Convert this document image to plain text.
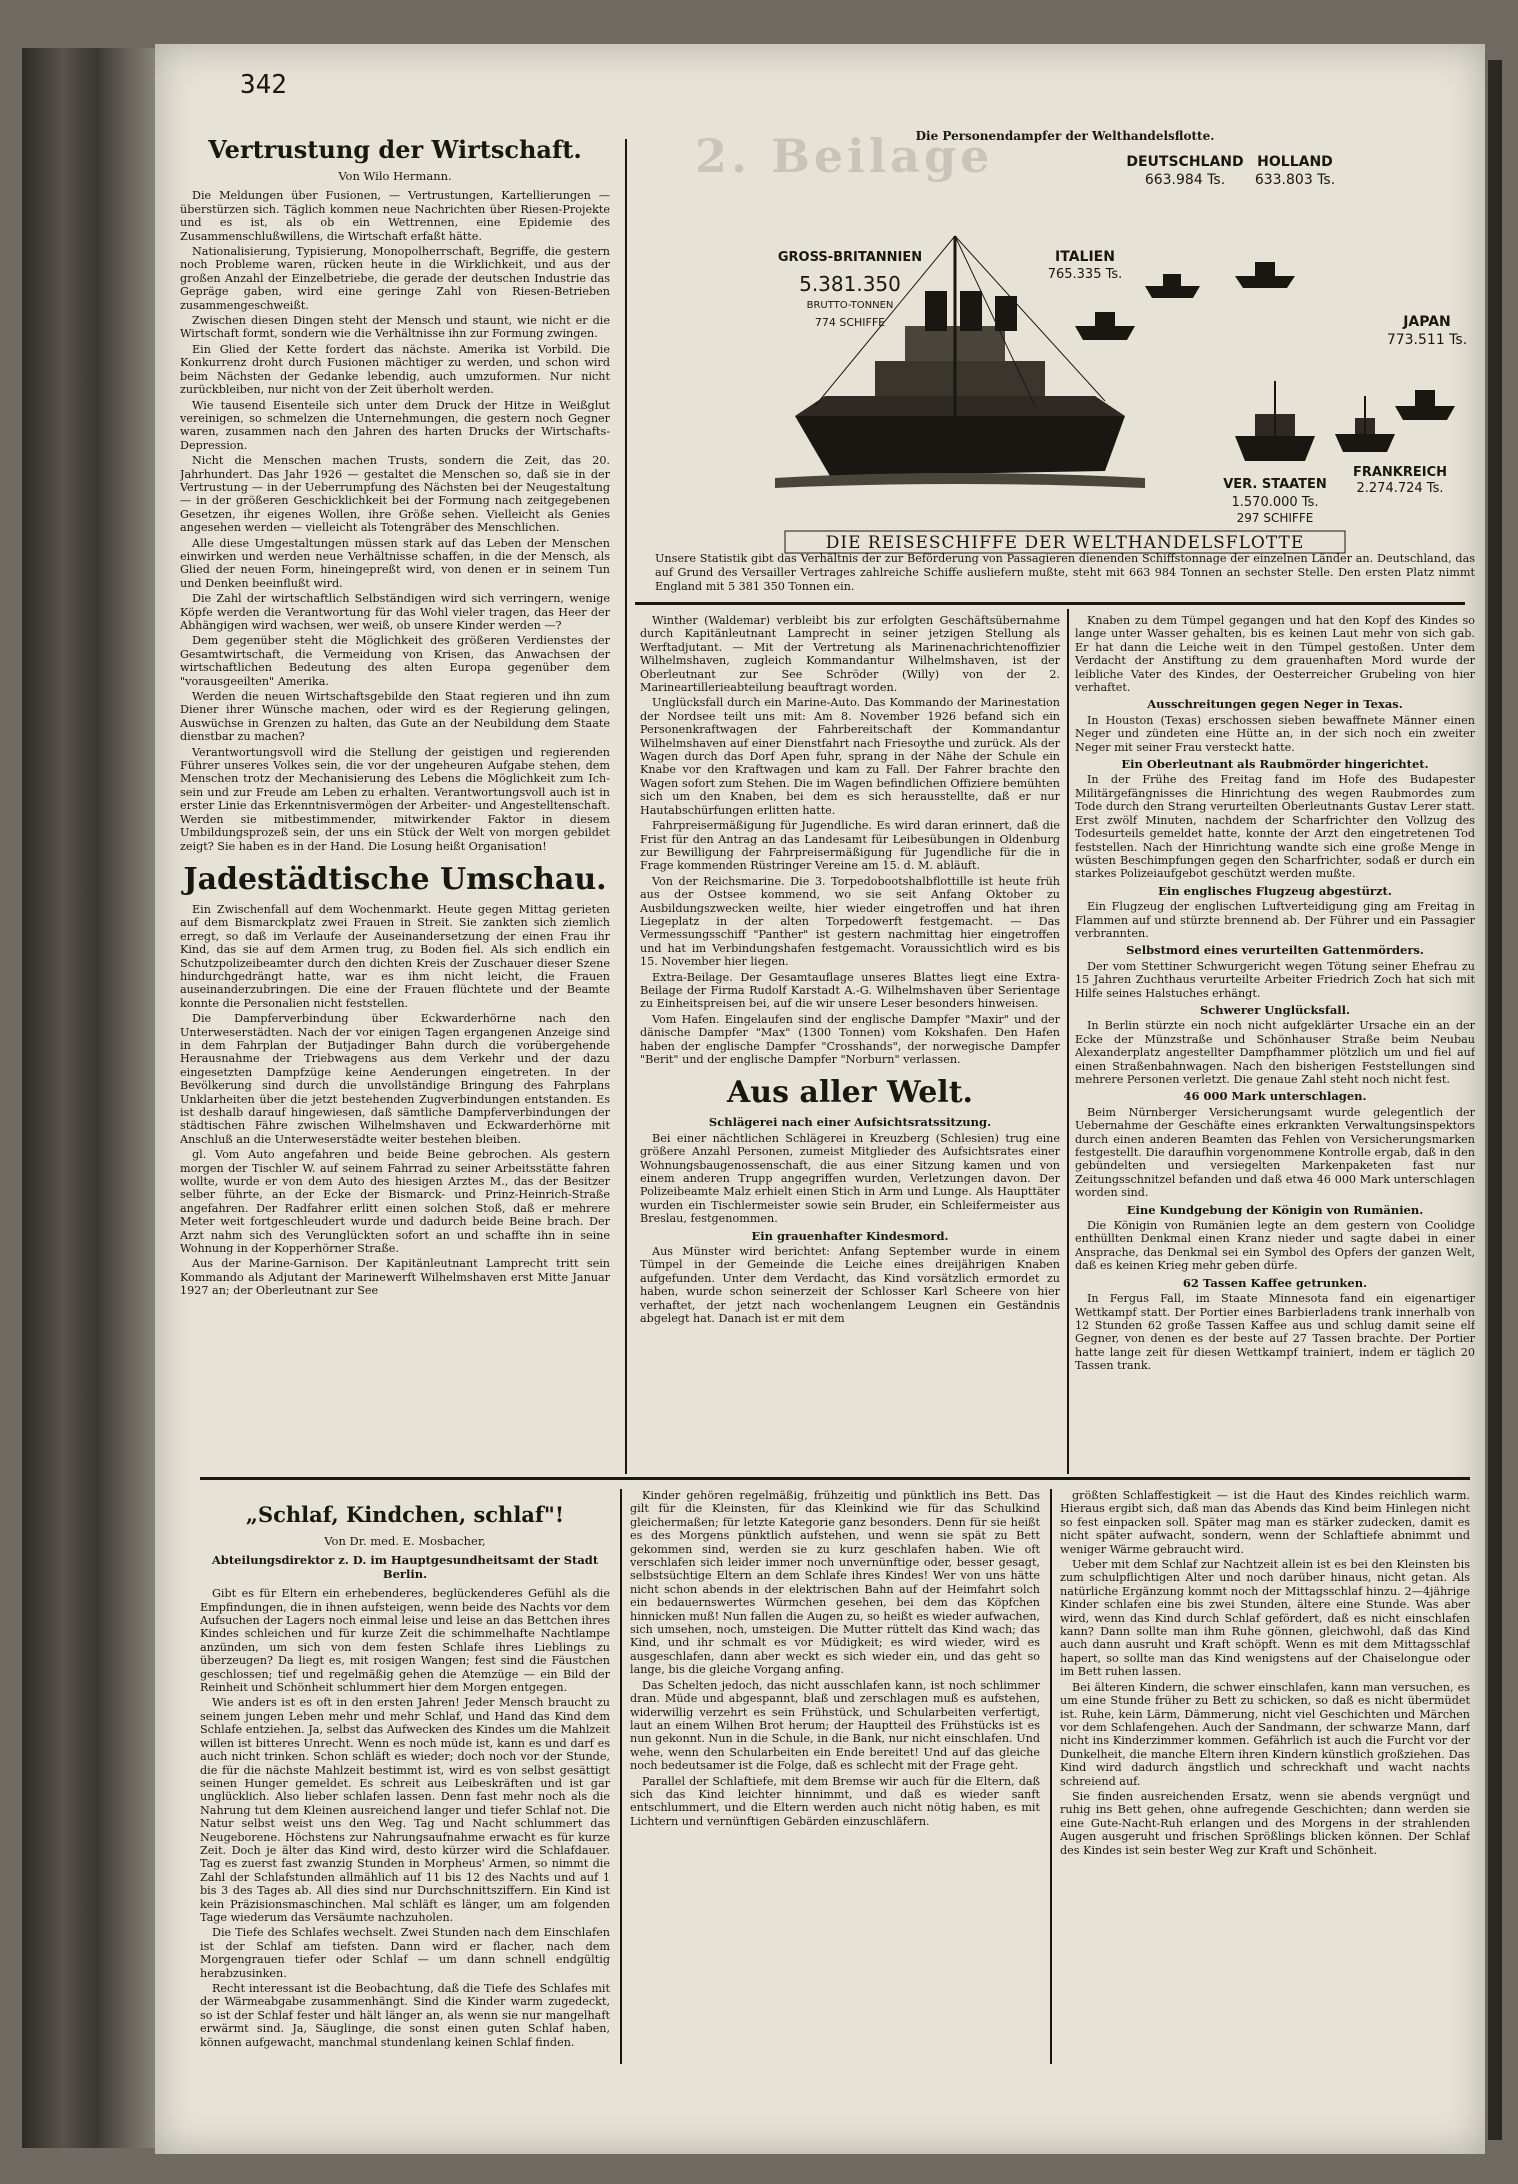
342
Vertrustung der Wirtschaft.
Von Wilo Hermann.

Die Meldungen über Fusionen, — Vertrustungen, Kartellierungen — überstürzen sich. Täglich kommen neue Nachrichten über Riesen-Projekte und es ist, als ob ein Wettrennen, eine Epidemie des Zusammenschlußwillens, die Wirtschaft erfaßt hätte.

Nationalisierung, Typisierung, Monopolherrschaft, Begriffe, die gestern noch Probleme waren, rücken heute in die Wirklichkeit, und aus der großen Anzahl der Einzelbetriebe, die gerade der deutschen Industrie das Gepräge gaben, wird eine geringe Zahl von Riesen-Betrieben zusammengeschweißt.

Zwischen diesen Dingen steht der Mensch und staunt, wie nicht er die Wirtschaft formt, sondern wie die Verhältnisse ihn zur Formung zwingen.

Ein Glied der Kette fordert das nächste. Amerika ist Vorbild. Die Konkurrenz droht durch Fusionen mächtiger zu werden, und schon wird beim Nächsten der Gedanke lebendig, auch umzuformen. Nur nicht zurückbleiben, nur nicht von der Zeit überholt werden.

Wie tausend Eisenteile sich unter dem Druck der Hitze in Weißglut vereinigen, so schmelzen die Unternehmungen, die gestern noch Gegner waren, zusammen nach den Jahren des harten Drucks der Wirtschafts-Depression.

Nicht die Menschen machen Trusts, sondern die Zeit, das 20. Jahrhundert. Das Jahr 1926 — gestaltet die Menschen so, daß sie in der Vertrustung — in der Ueberrumpfung des Nächsten bei der Neugestaltung — in der größeren Geschicklichkeit bei der Formung nach zeitgegebenen Gesetzen, ihr eigenes Wollen, ihre Größe sehen. Vielleicht als Genies angesehen werden — vielleicht als Totengräber des Menschlichen.

Alle diese Umgestaltungen müssen stark auf das Leben der Menschen einwirken und werden neue Verhältnisse schaffen, in die der Mensch, als Glied der neuen Form, hineingepreßt wird, von denen er in seinem Tun und Denken beeinflußt wird.

Die Zahl der wirtschaftlich Selbständigen wird sich verringern, wenige Köpfe werden die Verantwortung für das Wohl vieler tragen, das Heer der Abhängigen wird wachsen, wer weiß, ob unsere Kinder werden —?

Dem gegenüber steht die Möglichkeit des größeren Verdienstes der Gesamtwirtschaft, die Vermeidung von Krisen, das Anwachsen der wirtschaftlichen Bedeutung des alten Europa gegenüber dem "vorausgeeilten" Amerika.

Werden die neuen Wirtschaftsgebilde den Staat regieren und ihn zum Diener ihrer Wünsche machen, oder wird es der Regierung gelingen, Auswüchse in Grenzen zu halten, das Gute an der Neubildung dem Staate dienstbar zu machen?

Verantwortungsvoll wird die Stellung der geistigen und regierenden Führer unseres Volkes sein, die vor der ungeheuren Aufgabe stehen, dem Menschen trotz der Mechanisierung des Lebens die Möglichkeit zum Ich-sein und zur Freude am Leben zu erhalten. Verantwortungsvoll auch ist in erster Linie das Erkenntnisvermögen der Arbeiter- und Angestelltenschaft. Werden sie mitbestimmender, mitwirkender Faktor in diesem Umbildungsprozeß sein, der uns ein Stück der Welt von morgen gebildet zeigt? Sie haben es in der Hand. Die Losung heißt Organisation!

Jadestädtische Umschau.

Ein Zwischenfall auf dem Wochenmarkt. Heute gegen Mittag gerieten auf dem Bismarckplatz zwei Frauen in Streit. Sie zankten sich ziemlich erregt, so daß im Verlaufe der Auseinandersetzung der einen Frau ihr Kind, das sie auf dem Armen trug, zu Boden fiel. Als sich endlich ein Schutzpolizeibeamter durch den dichten Kreis der Zuschauer dieser Szene hindurchgedrängt hatte, war es ihm nicht leicht, die Frauen auseinanderzubringen. Die eine der Frauen flüchtete und der Beamte konnte die Personalien nicht feststellen.

Die Dampferverbindung über Eckwarderhörne nach den Unterweserstädten. Nach der vor einigen Tagen ergangenen Anzeige sind in dem Fahrplan der Butjadinger Bahn durch die vorübergehende Herausnahme der Triebwagens aus dem Verkehr und der dazu eingesetzten Dampfzüge keine Aenderungen eingetreten. In der Bevölkerung sind durch die unvollständige Bringung des Fahrplans Unklarheiten über die jetzt bestehenden Zugverbindungen entstanden. Es ist deshalb darauf hingewiesen, daß sämtliche Dampferverbindungen der städtischen Fähre zwischen Wilhelmshaven und Eckwarderhörne mit Anschluß an die Unterweserstädte weiter bestehen bleiben.

gl. Vom Auto angefahren und beide Beine gebrochen. Als gestern morgen der Tischler W. auf seinem Fahrrad zu seiner Arbeitsstätte fahren wollte, wurde er von dem Auto des hiesigen Arztes M., das der Besitzer selber führte, an der Ecke der Bismarck- und Prinz-Heinrich-Straße angefahren. Der Radfahrer erlitt einen solchen Stoß, daß er mehrere Meter weit fortgeschleudert wurde und dadurch beide Beine brach. Der Arzt nahm sich des Verunglückten sofort an und schaffte ihn in seine Wohnung in der Kopperhörner Straße.

Aus der Marine-Garnison. Der Kapitänleutnant Lamprecht tritt sein Kommando als Adjutant der Marinewerft Wilhelmshaven erst Mitte Januar 1927 an; der Oberleutnant zur See

2. Beilage
Die Personendampfer der Welthandelsflotte.
GROSS-BRITANNIEN
5.381.350
BRUTTO-TONNEN
774 SCHIFFE
DEUTSCHLAND
663.984 Ts.
HOLLAND
633.803 Ts.
ITALIEN
765.335 Ts.
JAPAN
773.511 Ts.
VER. STAATEN
1.570.000 Ts.
297 SCHIFFE
FRANKREICH
2.274.724 Ts.
DIE REISESCHIFFE DER WELTHANDELSFLOTTE
Unsere Statistik gibt das Verhältnis der zur Beförderung von Passagieren dienenden Schiffstonnage der einzelnen Länder an. Deutschland, das auf Grund des Versailler Vertrages zahlreiche Schiffe ausliefern mußte, steht mit 663 984 Tonnen an sechster Stelle. Den ersten Platz nimmt England mit 5 381 350 Tonnen ein.

Winther (Waldemar) verbleibt bis zur erfolgten Geschäftsübernahme durch Kapitänleutnant Lamprecht in seiner jetzigen Stellung als Werftadjutant. — Mit der Vertretung als Marinenachrichtenoffizier Wilhelmshaven, zugleich Kommandantur Wilhelmshaven, ist der Oberleutnant zur See Schröder (Willy) von der 2. Marineartillerieabteilung beauftragt worden.

Unglücksfall durch ein Marine-Auto. Das Kommando der Marinestation der Nordsee teilt uns mit: Am 8. November 1926 befand sich ein Personenkraftwagen der Fahrbereitschaft der Kommandantur Wilhelmshaven auf einer Dienstfahrt nach Friesoythe und zurück. Als der Wagen durch das Dorf Apen fuhr, sprang in der Nähe der Schule ein Knabe vor den Kraftwagen und kam zu Fall. Der Fahrer brachte den Wagen sofort zum Stehen. Die im Wagen befindlichen Offiziere bemühten sich um den Knaben, bei dem es sich herausstellte, daß er nur Hautabschürfungen erlitten hatte.

Fahrpreisermäßigung für Jugendliche. Es wird daran erinnert, daß die Frist für den Antrag an das Landesamt für Leibesübungen in Oldenburg zur Bewilligung der Fahrpreisermäßigung für Jugendliche für die in Frage kommenden Rüstringer Vereine am 15. d. M. abläuft.

Von der Reichsmarine. Die 3. Torpedobootshalbflottille ist heute früh aus der Ostsee kommend, wo sie seit Anfang Oktober zu Ausbildungszwecken weilte, hier wieder eingetroffen und hat ihren Liegeplatz in der alten Torpedowerft festgemacht. — Das Vermessungsschiff "Panther" ist gestern nachmittag hier eingetroffen und hat im Verbindungshafen festgemacht. Voraussichtlich wird es bis 15. November hier liegen.

Extra-Beilage. Der Gesamtauflage unseres Blattes liegt eine Extra-Beilage der Firma Rudolf Karstadt A.-G. Wilhelmshaven über Serientage zu Einheitspreisen bei, auf die wir unsere Leser besonders hinweisen.

Vom Hafen. Eingelaufen sind der englische Dampfer "Maxir" und der dänische Dampfer "Max" (1300 Tonnen) vom Kokshafen. Den Hafen haben der englische Dampfer "Crosshands", der norwegische Dampfer "Berit" und der englische Dampfer "Norburn" verlassen.

Aus aller Welt.
Schlägerei nach einer Aufsichtsratssitzung.

Bei einer nächtlichen Schlägerei in Kreuzberg (Schlesien) trug eine größere Anzahl Personen, zumeist Mitglieder des Aufsichtsrates einer Wohnungsbaugenossenschaft, die aus einer Sitzung kamen und von einem anderen Trupp angegriffen wurden, Verletzungen davon. Der Polizeibeamte Malz erhielt einen Stich in Arm und Lunge. Als Haupttäter wurden ein Tischlermeister sowie sein Bruder, ein Schleifermeister aus Breslau, festgenommen.

Ein grauenhafter Kindesmord.

Aus Münster wird berichtet: Anfang September wurde in einem Tümpel in der Gemeinde die Leiche eines dreijährigen Knaben aufgefunden. Unter dem Verdacht, das Kind vorsätzlich ermordet zu haben, wurde schon seinerzeit der Schlosser Karl Scheere von hier verhaftet, der jetzt nach wochenlangem Leugnen ein Geständnis abgelegt hat. Danach ist er mit dem

Knaben zu dem Tümpel gegangen und hat den Kopf des Kindes so lange unter Wasser gehalten, bis es keinen Laut mehr von sich gab. Er hat dann die Leiche weit in den Tümpel gestoßen. Unter dem Verdacht der Anstiftung zu dem grauenhaften Mord wurde der leibliche Vater des Kindes, der Oesterreicher Grubeling von hier verhaftet.

Ausschreitungen gegen Neger in Texas.

In Houston (Texas) erschossen sieben bewaffnete Männer einen Neger und zündeten eine Hütte an, in der sich noch ein zweiter Neger mit seiner Frau versteckt hatte.

Ein Oberleutnant als Raubmörder hingerichtet.

In der Frühe des Freitag fand im Hofe des Budapester Militärgefängnisses die Hinrichtung des wegen Raubmordes zum Tode durch den Strang verurteilten Oberleutnants Gustav Lerer statt. Erst zwölf Minuten, nachdem der Scharfrichter den Vollzug des Todesurteils gemeldet hatte, konnte der Arzt den eingetretenen Tod feststellen. Nach der Hinrichtung wandte sich eine große Menge in wüsten Beschimpfungen gegen den Scharfrichter, sodaß er durch ein starkes Polizeiaufgebot geschützt werden mußte.

Ein englisches Flugzeug abgestürzt.

Ein Flugzeug der englischen Luftverteidigung ging am Freitag in Flammen auf und stürzte brennend ab. Der Führer und ein Passagier verbrannten.

Selbstmord eines verurteilten Gattenmörders.

Der vom Stettiner Schwurgericht wegen Tötung seiner Ehefrau zu 15 Jahren Zuchthaus verurteilte Arbeiter Friedrich Zoch hat sich mit Hilfe seines Halstuches erhängt.

Schwerer Unglücksfall.

In Berlin stürzte ein noch nicht aufgeklärter Ursache ein an der Ecke der Münzstraße und Schönhauser Straße beim Neubau Alexanderplatz angestellter Dampfhammer plötzlich um und fiel auf einen Straßenbahnwagen. Nach den bisherigen Feststellungen sind mehrere Personen verletzt. Die genaue Zahl steht noch nicht fest.

46 000 Mark unterschlagen.

Beim Nürnberger Versicherungsamt wurde gelegentlich der Uebernahme der Geschäfte eines erkrankten Verwaltungsinspektors durch einen anderen Beamten das Fehlen von Versicherungsmarken festgestellt. Die daraufhin vorgenommene Kontrolle ergab, daß in den gebündelten und versiegelten Markenpaketen fast nur Zeitungsschnitzel befanden und daß etwa 46 000 Mark unterschlagen worden sind.

Eine Kundgebung der Königin von Rumänien.

Die Königin von Rumänien legte an dem gestern von Coolidge enthüllten Denkmal einen Kranz nieder und sagte dabei in einer Ansprache, das Denkmal sei ein Symbol des Opfers der ganzen Welt, daß es keinen Krieg mehr geben dürfe.

62 Tassen Kaffee getrunken.

In Fergus Fall, im Staate Minnesota fand ein eigenartiger Wettkampf statt. Der Portier eines Barbierladens trank innerhalb von 12 Stunden 62 große Tassen Kaffee aus und schlug damit seine elf Gegner, von denen es der beste auf 27 Tassen brachte. Der Portier hatte lange zeit für diesen Wettkampf trainiert, indem er täglich 20 Tassen trank.

„Schlaf, Kindchen, schlaf"!
Von Dr. med. E. Mosbacher,
Abteilungsdirektor z. D. im Hauptgesundheitsamt der Stadt Berlin.

Gibt es für Eltern ein erhebenderes, beglückenderes Gefühl als die Empfindungen, die in ihnen aufsteigen, wenn beide des Nachts vor dem Aufsuchen der Lagers noch einmal leise und leise an das Bettchen ihres Kindes schleichen und für kurze Zeit die schimmelhafte Nachtlampe anzünden, um sich von dem festen Schlafe ihres Lieblings zu überzeugen? Da liegt es, mit rosigen Wangen; fest sind die Fäustchen geschlossen; tief und regelmäßig gehen die Atemzüge — ein Bild der Reinheit und Schönheit schlummert hier dem Morgen entgegen.

Wie anders ist es oft in den ersten Jahren! Jeder Mensch braucht zu seinem jungen Leben mehr und mehr Schlaf, und Hand das Kind dem Schlafe entziehen. Ja, selbst das Aufwecken des Kindes um die Mahlzeit willen ist bitteres Unrecht. Wenn es noch müde ist, kann es und darf es auch nicht trinken. Schon schläft es wieder; doch noch vor der Stunde, die für die nächste Mahlzeit bestimmt ist, wird es von selbst gesättigt seinen Hunger gemeldet. Es schreit aus Leibeskräften und ist gar unglücklich. Also lieber schlafen lassen. Denn fast mehr noch als die Nahrung tut dem Kleinen ausreichend langer und tiefer Schlaf not. Die Natur selbst weist uns den Weg. Tag und Nacht schlummert das Neugeborene. Höchstens zur Nahrungsaufnahme erwacht es für kurze Zeit. Doch je älter das Kind wird, desto kürzer wird die Schlafdauer. Tag es zuerst fast zwanzig Stunden in Morpheus' Armen, so nimmt die Zahl der Schlafstunden allmählich auf 11 bis 12 des Nachts und auf 1 bis 3 des Tages ab. All dies sind nur Durchschnittsziffern. Ein Kind ist kein Präzisionsmaschinchen. Mal schläft es länger, um am folgenden Tage wiederum das Versäumte nachzuholen.

Die Tiefe des Schlafes wechselt. Zwei Stunden nach dem Einschlafen ist der Schlaf am tiefsten. Dann wird er flacher, nach dem Morgengrauen tiefer oder Schlaf — um dann schnell endgültig herabzusinken.

Recht interessant ist die Beobachtung, daß die Tiefe des Schlafes mit der Wärmeabgabe zusammenhängt. Sind die Kinder warm zugedeckt, so ist der Schlaf fester und hält länger an, als wenn sie nur mangelhaft erwärmt sind. Ja, Säuglinge, die sonst einen guten Schlaf haben, können aufgewacht, manchmal stundenlang keinen Schlaf finden.

Kinder gehören regelmäßig, frühzeitig und pünktlich ins Bett. Das gilt für die Kleinsten, für das Kleinkind wie für das Schulkind gleichermaßen; für letzte Kategorie ganz besonders. Denn für sie heißt es des Morgens pünktlich aufstehen, und wenn sie spät zu Bett gekommen sind, werden sie zu kurz geschlafen haben. Wie oft verschlafen sich leider immer noch unvernünftige oder, besser gesagt, selbstsüchtige Eltern an dem Schlafe ihres Kindes! Wer von uns hätte nicht schon abends in der elektrischen Bahn auf der Heimfahrt solch ein bedauernswertes Würmchen gesehen, bei dem das Köpfchen hinnicken muß! Nun fallen die Augen zu, so heißt es wieder aufwachen, sich umsehen, noch, umsteigen. Die Mutter rüttelt das Kind wach; das Kind, und ihr schmalt es vor Müdigkeit; es wird wieder, wird es ausgeschlafen, dann aber weckt es sich wieder ein, und das geht so lange, bis die gleiche Vorgang anfing.

Das Schelten jedoch, das nicht ausschlafen kann, ist noch schlimmer dran. Müde und abgespannt, blaß und zerschlagen muß es aufstehen, widerwillig verzehrt es sein Frühstück, und Schularbeiten verfertigt, laut an einem Wilhen Brot herum; der Hauptteil des Frühstücks ist es nun gekonnt. Nun in die Schule, in die Bank, nur nicht einschlafen. Und wehe, wenn den Schularbeiten ein Ende bereitet! Und auf das gleiche noch bedeutsamer ist die Folge, daß es schlecht mit der Frage geht.

Parallel der Schlaftiefe, mit dem Bremse wir auch für die Eltern, daß sich das Kind leichter hinnimmt, und daß es wieder sanft entschlummert, und die Eltern werden auch nicht nötig haben, es mit Lichtern und vernünftigen Gebärden einzuschläfern.

größten Schlaffestigkeit — ist die Haut des Kindes reichlich warm. Hieraus ergibt sich, daß man das Abends das Kind beim Hinlegen nicht so fest einpacken soll. Später mag man es stärker zudecken, damit es nicht später aufwacht, sondern, wenn der Schlaftiefe abnimmt und weniger Wärme gebraucht wird.

Ueber mit dem Schlaf zur Nachtzeit allein ist es bei den Kleinsten bis zum schulpflichtigen Alter und noch darüber hinaus, nicht getan. Als natürliche Ergänzung kommt noch der Mittagsschlaf hinzu. 2—4jährige Kinder schlafen eine bis zwei Stunden, ältere eine Stunde. Was aber wird, wenn das Kind durch Schlaf gefördert, daß es nicht einschlafen kann? Dann sollte man ihm Ruhe gönnen, gleichwohl, daß das Kind auch dann ausruht und Kraft schöpft. Wenn es mit dem Mittagsschlaf hapert, so sollte man das Kind wenigstens auf der Chaiselongue oder im Bett ruhen lassen.

Bei älteren Kindern, die schwer einschlafen, kann man versuchen, es um eine Stunde früher zu Bett zu schicken, so daß es nicht übermüdet ist. Ruhe, kein Lärm, Dämmerung, nicht viel Geschichten und Märchen vor dem Schlafengehen. Auch der Sandmann, der schwarze Mann, darf nicht ins Kinderzimmer kommen. Gefährlich ist auch die Furcht vor der Dunkelheit, die manche Eltern ihren Kindern künstlich großziehen. Das Kind wird dadurch ängstlich und schreckhaft und wacht nachts schreiend auf.

Sie finden ausreichenden Ersatz, wenn sie abends vergnügt und ruhig ins Bett gehen, ohne aufregende Geschichten; dann werden sie eine Gute-Nacht-Ruh erlangen und des Morgens in der strahlenden Augen ausgeruht und frischen Sprößlings blicken können. Der Schlaf des Kindes ist sein bester Weg zur Kraft und Schönheit.
